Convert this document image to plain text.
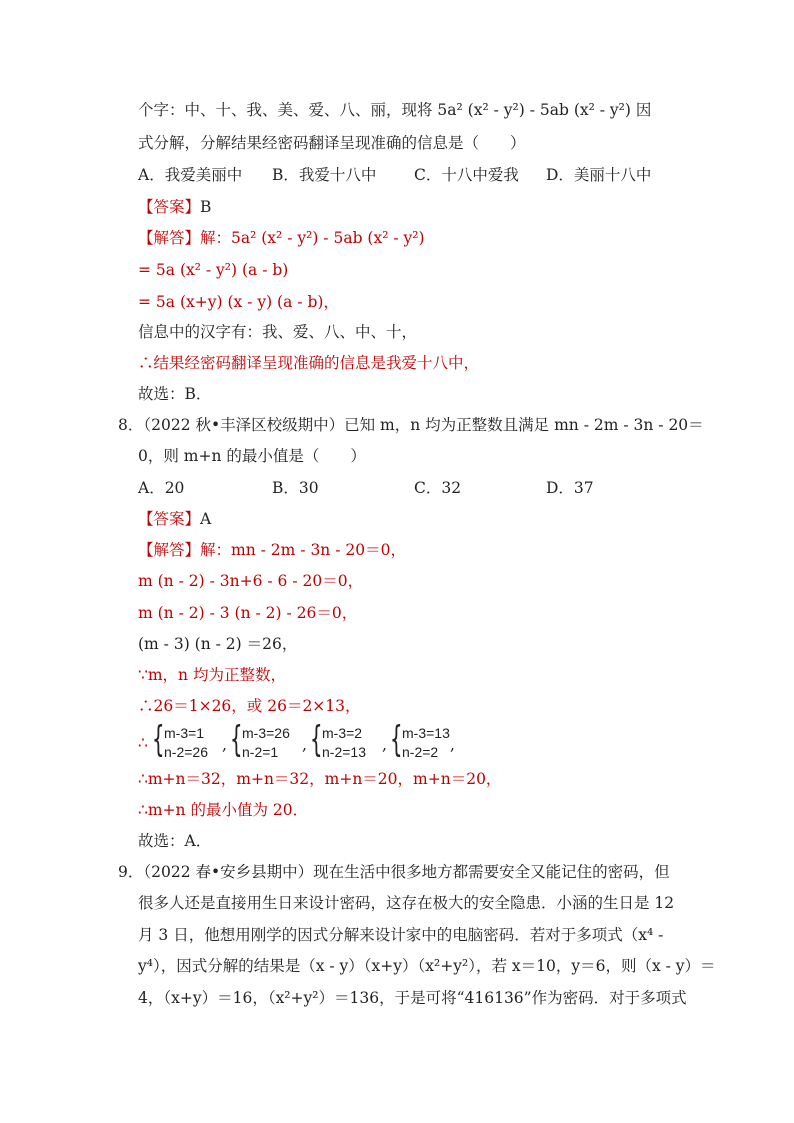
个字：中、十、我、美、爱、八、丽，现将 5a² (x² - y²) - 5ab (x² - y²) 因
式分解，分解结果经密码翻译呈现准确的信息是（　　）
A．我爱美丽中 B．我爱十八中 C．十八中爱我 D．美丽十八中
【答案】B
【解答】解：5a² (x² - y²) - 5ab (x² - y²)
= 5a (x² - y²) (a - b)
= 5a (x+y) (x - y) (a - b)，
信息中的汉字有：我、爱、八、中、十，
∴结果经密码翻译呈现准确的信息是我爱十八中，
故选：B．
8．（2022 秋•丰泽区校级期中）已知 m，n 均为正整数且满足 mn - 2m - 3n - 20＝
0，则 m+n 的最小值是（　　）
A．20	B．30	C．32	D．37
【答案】A
【解答】解：mn - 2m - 3n - 20＝0，
m (n - 2) - 3n+6 - 6 - 20＝0，
m (n - 2) - 3 (n - 2) - 26＝0，
(m - 3) (n - 2) ＝26，
∵m，n 均为正整数，
∴26＝1×26，或 26＝2×13，
∴ { m-3=1
n-2=26 , { m-3=26
n-2=1 , { m-3=2
n-2=13 , { m-3=13
n-2=2 ,
∴m+n＝32，m+n＝32，m+n＝20，m+n＝20，
∴m+n 的最小值为 20．
故选：A．
9．（2022 春•安乡县期中）现在生活中很多地方都需要安全又能记住的密码，但
很多人还是直接用生日来设计密码，这存在极大的安全隐患．小涵的生日是 12
月 3 日，他想用刚学的因式分解来设计家中的电脑密码．若对于多项式（x⁴ -
y⁴），因式分解的结果是（x - y）（x+y）（x²+y²），若 x＝10，y＝6，则（x - y）＝
4，（x+y）＝16，（x²+y²）＝136，于是可将“416136”作为密码．对于多项式
